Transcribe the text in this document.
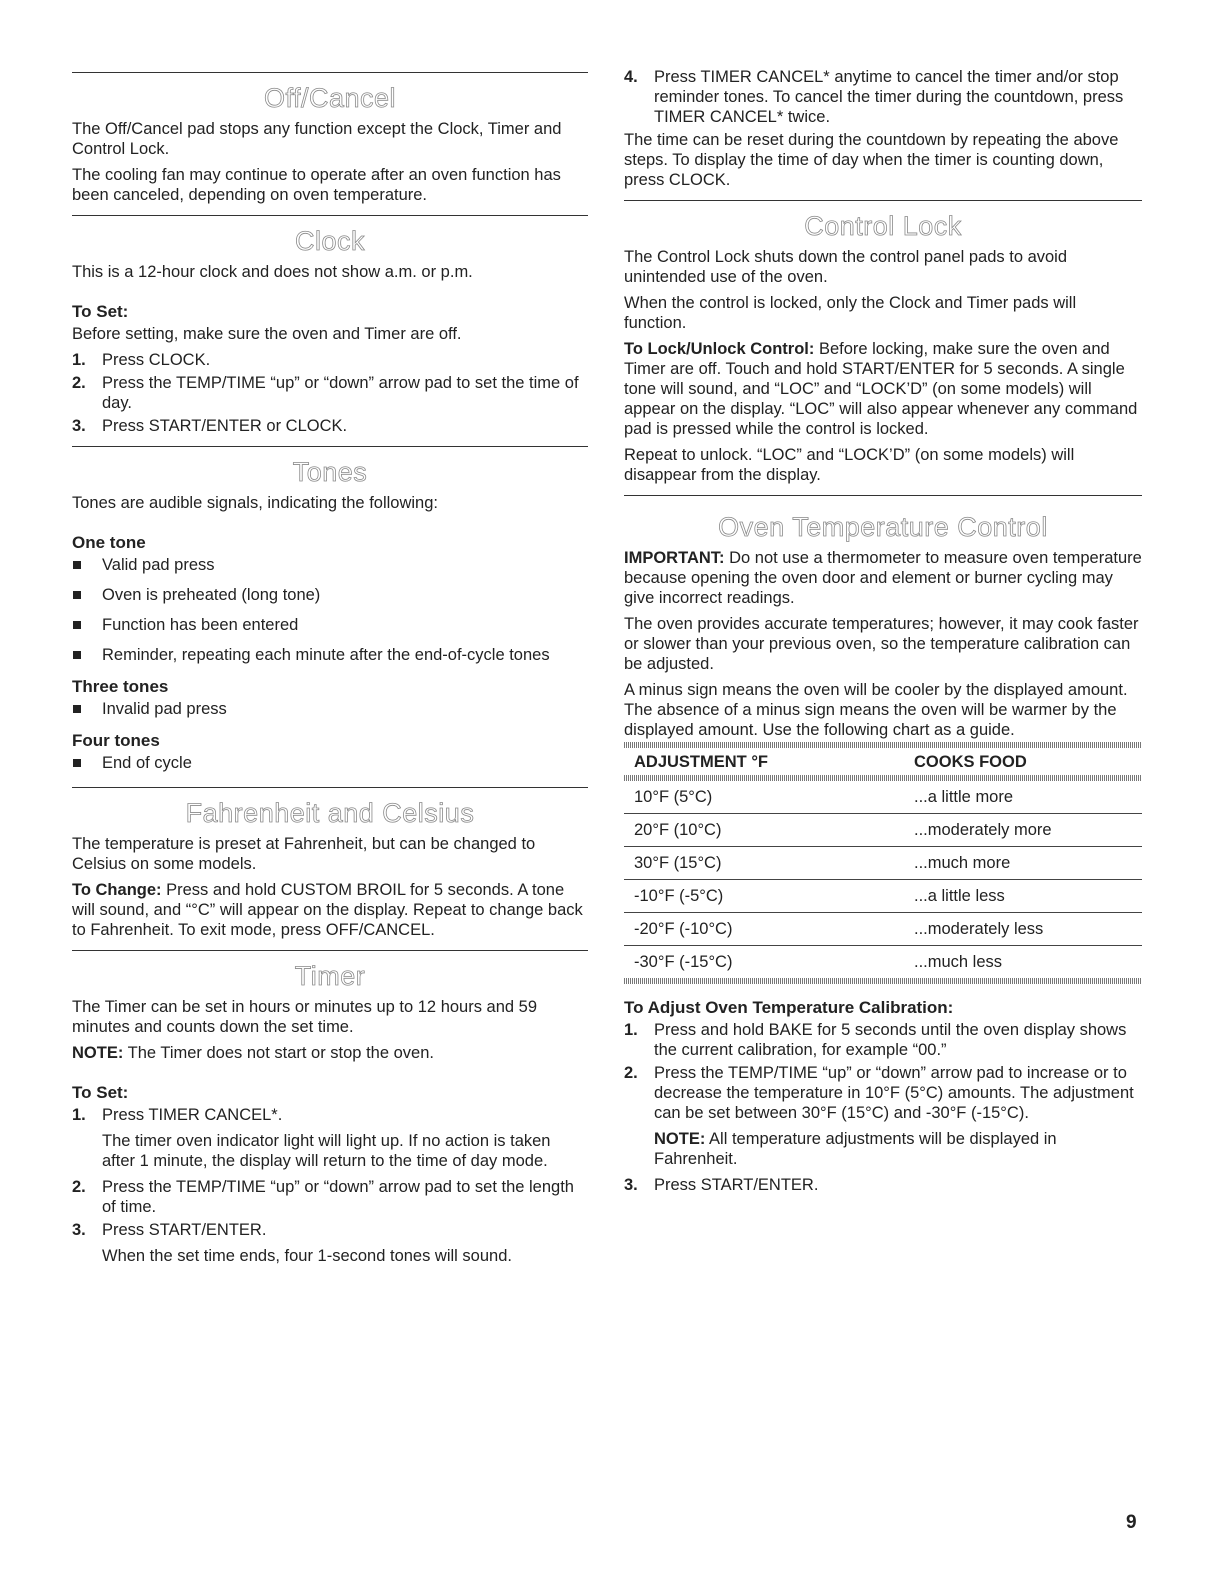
Off/Cancel

The Off/Cancel pad stops any function except the Clock, Timer and Control Lock.

The cooling fan may continue to operate after an oven function has been canceled, depending on oven temperature.

Clock

This is a 12-hour clock and does not show a.m. or p.m.

To Set:

Before setting, make sure the oven and Timer are off.

1. Press CLOCK.
2. Press the TEMP/TIME “up” or “down” arrow pad to set the time of day.
3. Press START/ENTER or CLOCK.
Tones

Tones are audible signals, indicating the following:

One tone
Valid pad press
Oven is preheated (long tone)
Function has been entered
Reminder, repeating each minute after the end-of-cycle tones
Three tones
Invalid pad press
Four tones
End of cycle
Fahrenheit and Celsius

The temperature is preset at Fahrenheit, but can be changed to Celsius on some models.

To Change: Press and hold CUSTOM BROIL for 5 seconds. A tone will sound, and “°C” will appear on the display. Repeat to change back to Fahrenheit. To exit mode, press OFF/CANCEL.

Timer

The Timer can be set in hours or minutes up to 12 hours and 59 minutes and counts down the set time.

NOTE: The Timer does not start or stop the oven.

To Set:
1. Press TIMER CANCEL*.

The timer oven indicator light will light up. If no action is taken after 1 minute, the display will return to the time of day mode.

2. Press the TEMP/TIME “up” or “down” arrow pad to set the length of time.
3. Press START/ENTER.

When the set time ends, four 1-second tones will sound.

4. Press TIMER CANCEL* anytime to cancel the timer and/or stop reminder tones. To cancel the timer during the countdown, press TIMER CANCEL* twice.

The time can be reset during the countdown by repeating the above steps. To display the time of day when the timer is counting down, press CLOCK.

Control Lock

The Control Lock shuts down the control panel pads to avoid unintended use of the oven.

When the control is locked, only the Clock and Timer pads will function.

To Lock/Unlock Control: Before locking, make sure the oven and Timer are off. Touch and hold START/ENTER for 5 seconds. A single tone will sound, and “LOC” and “LOCK’D” (on some models) will appear on the display. “LOC” will also appear whenever any command pad is pressed while the control is locked.

Repeat to unlock. “LOC” and “LOCK’D” (on some models) will disappear from the display.

Oven Temperature Control

IMPORTANT: Do not use a thermometer to measure oven temperature because opening the oven door and element or burner cycling may give incorrect readings.

The oven provides accurate temperatures; however, it may cook faster or slower than your previous oven, so the temperature calibration can be adjusted.

A minus sign means the oven will be cooler by the displayed amount. The absence of a minus sign means the oven will be warmer by the displayed amount. Use the following chart as a guide.

ADJUSTMENT °F	COOKS FOOD
10°F (5°C)	...a little more
20°F (10°C)	...moderately more
30°F (15°C)	...much more
-10°F (-5°C)	...a little less
-20°F (-10°C)	...moderately less
-30°F (-15°C)	...much less
To Adjust Oven Temperature Calibration:
1. Press and hold BAKE for 5 seconds until the oven display shows the current calibration, for example “00.”
2. Press the TEMP/TIME “up” or “down” arrow pad to increase or to decrease the temperature in 10°F (5°C) amounts. The adjustment can be set between 30°F (15°C) and -30°F (-15°C).

NOTE: All temperature adjustments will be displayed in Fahrenheit.

3. Press START/ENTER.
9
